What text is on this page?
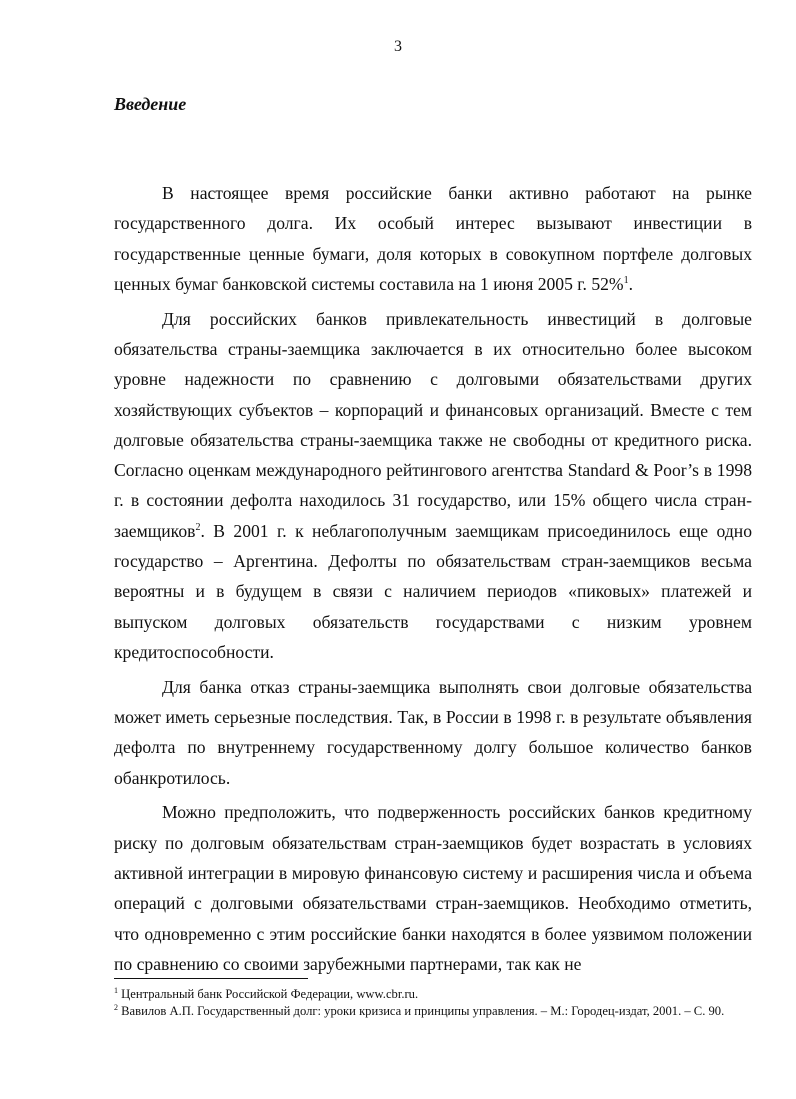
3
Введение

В настоящее время российские банки активно работают на рынке государственного долга. Их особый интерес вызывают инвестиции в государственные ценные бумаги, доля которых в совокупном портфеле долговых ценных бумаг банковской системы составила на 1 июня 2005 г. 52%$^1$.

Для российских банков привлекательность инвестиций в долговые обязательства страны-заемщика заключается в их относительно более высоком уровне надежности по сравнению с долговыми обязательствами других хозяйствующих субъектов – корпораций и финансовых организаций. Вместе с тем долговые обязательства страны-заемщика также не свободны от кредитного риска. Согласно оценкам международного рейтингового агентства Standard & Poor’s в 1998 г. в состоянии дефолта находилось 31 государство, или 15% общего числа стран-заемщиков$^2$. В 2001 г. к неблагополучным заемщикам присоединилось еще одно государство – Аргентина. Дефолты по обязательствам стран-заемщиков весьма вероятны и в будущем в связи с наличием периодов «пиковых» платежей и выпуском долговых обязательств государствами с низким уровнем кредитоспособности.

Для банка отказ страны-заемщика выполнять свои долговые обязательства может иметь серьезные последствия. Так, в России в 1998 г. в результате объявления дефолта по внутреннему государственному долгу большое количество банков обанкротилось.

Можно предположить, что подверженность российских банков кредитному риску по долговым обязательствам стран-заемщиков будет возрастать в условиях активной интеграции в мировую финансовую систему и расширения числа и объема операций с долговыми обязательствами стран-заемщиков. Необходимо отметить, что одновременно с этим российские банки находятся в более уязвимом положении по сравнению со своими зарубежными партнерами, так как не

$^1$ Центральный банк Российской Федерации, www.cbr.ru.

$^2$ Вавилов А.П. Государственный долг: уроки кризиса и принципы управления. – М.: Городец-издат, 2001. – С. 90.
